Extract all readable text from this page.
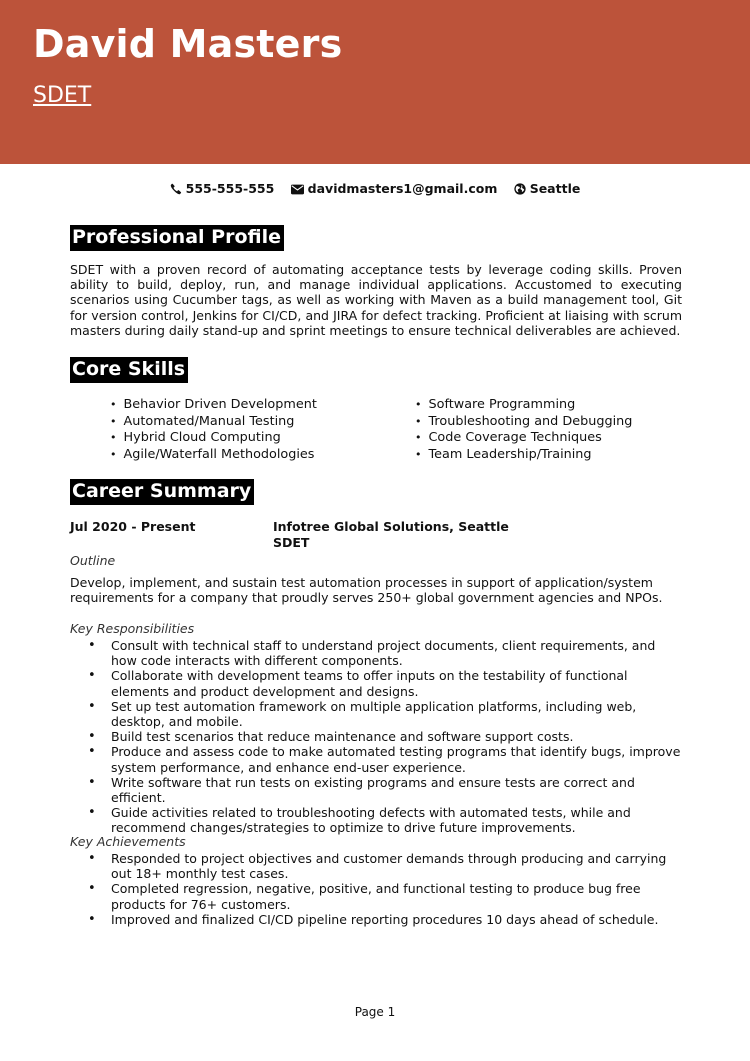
David Masters
SDET
555-555-555	davidmasters1@gmail.com	Seattle
Professional Profile

SDET with a proven record of automating acceptance tests by leverage coding skills. Proven ability to build, deploy, run, and manage individual applications. Accustomed to executing scenarios using Cucumber tags, as well as working with Maven as a build management tool, Git for version control, Jenkins for CI/CD, and JIRA for defect tracking. Proficient at liaising with scrum masters during daily stand-up and sprint meetings to ensure technical deliverables are achieved.

Core Skills
• Behavior Driven Development
• Automated/Manual Testing
• Hybrid Cloud Computing
• Agile/Waterfall Methodologies
• Software Programming
• Troubleshooting and Debugging
• Code Coverage Techniques
• Team Leadership/Training
Career Summary
Jul 2020 - Present	Infotree Global Solutions, Seattle
SDET
Outline

Develop, implement, and sustain test automation processes in support of application/system requirements for a company that proudly serves 250+ global government agencies and NPOs.

Key Responsibilities
• Consult with technical staff to understand project documents, client requirements, and how code interacts with different components.
• Collaborate with development teams to offer inputs on the testability of functional elements and product development and designs.
• Set up test automation framework on multiple application platforms, including web, desktop, and mobile.
• Build test scenarios that reduce maintenance and software support costs.
• Produce and assess code to make automated testing programs that identify bugs, improve system performance, and enhance end-user experience.
• Write software that run tests on existing programs and ensure tests are correct and efficient.
• Guide activities related to troubleshooting defects with automated tests, while and recommend changes/strategies to optimize to drive future improvements.
Key Achievements
• Responded to project objectives and customer demands through producing and carrying out 18+ monthly test cases.
• Completed regression, negative, positive, and functional testing to produce bug free products for 76+ customers.
• Improved and finalized CI/CD pipeline reporting procedures 10 days ahead of schedule.
Page 1
